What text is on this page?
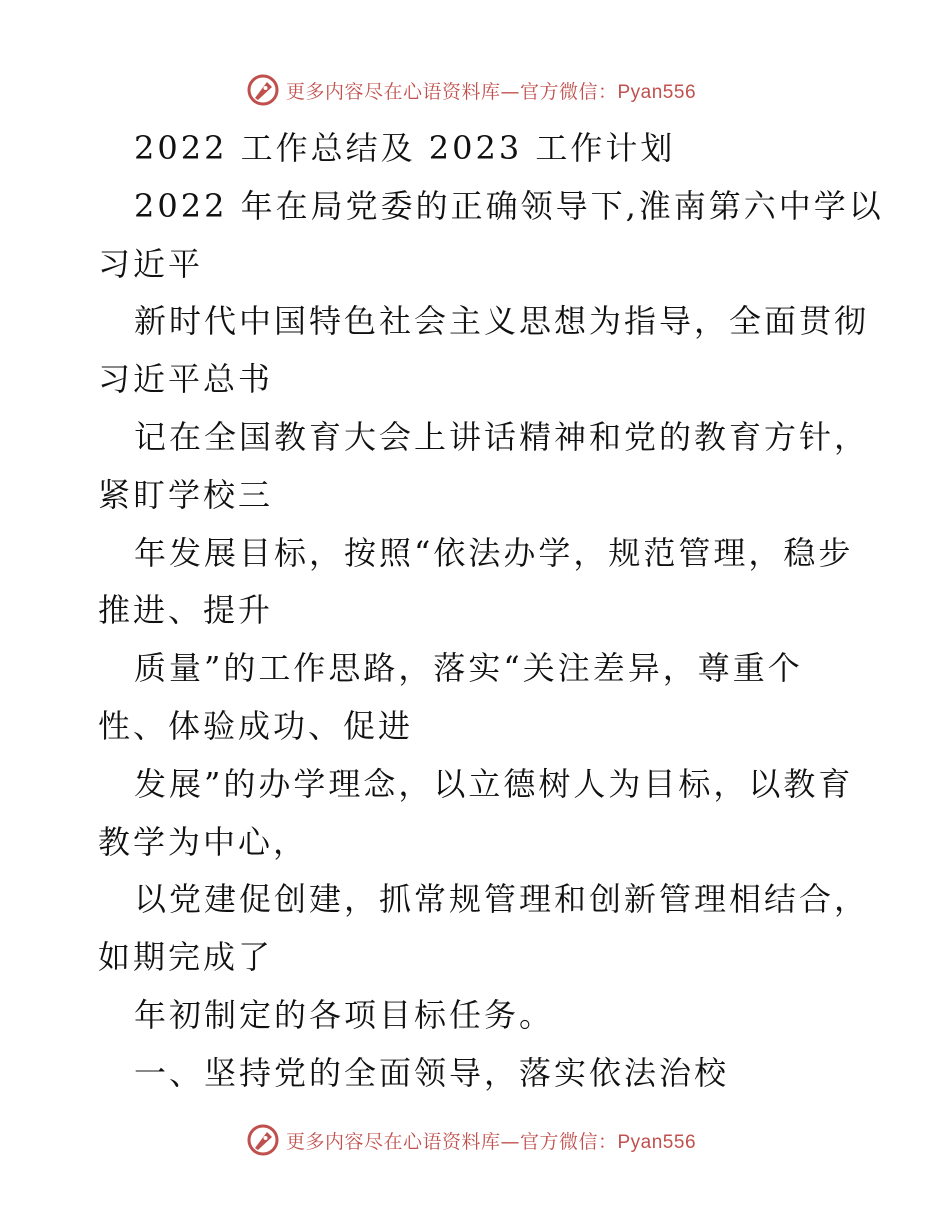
更多内容尽在心语资料库—官方微信：Pyan556
2022 工作总结及 2023 工作计划
2022 年在局党委的正确领导下,淮南第六中学以
习近平
新时代中国特色社会主义思想为指导，全面贯彻
习近平总书
记在全国教育大会上讲话精神和党的教育方针，
紧盯学校三
年发展目标，按照“依法办学，规范管理，稳步
推进、提升
质量”的工作思路，落实“关注差异，尊重个
性、体验成功、促进
发展”的办学理念，以立德树人为目标，以教育
教学为中心，
以党建促创建，抓常规管理和创新管理相结合，
如期完成了
年初制定的各项目标任务。
一、坚持党的全面领导，落实依法治校
更多内容尽在心语资料库—官方微信：Pyan556
